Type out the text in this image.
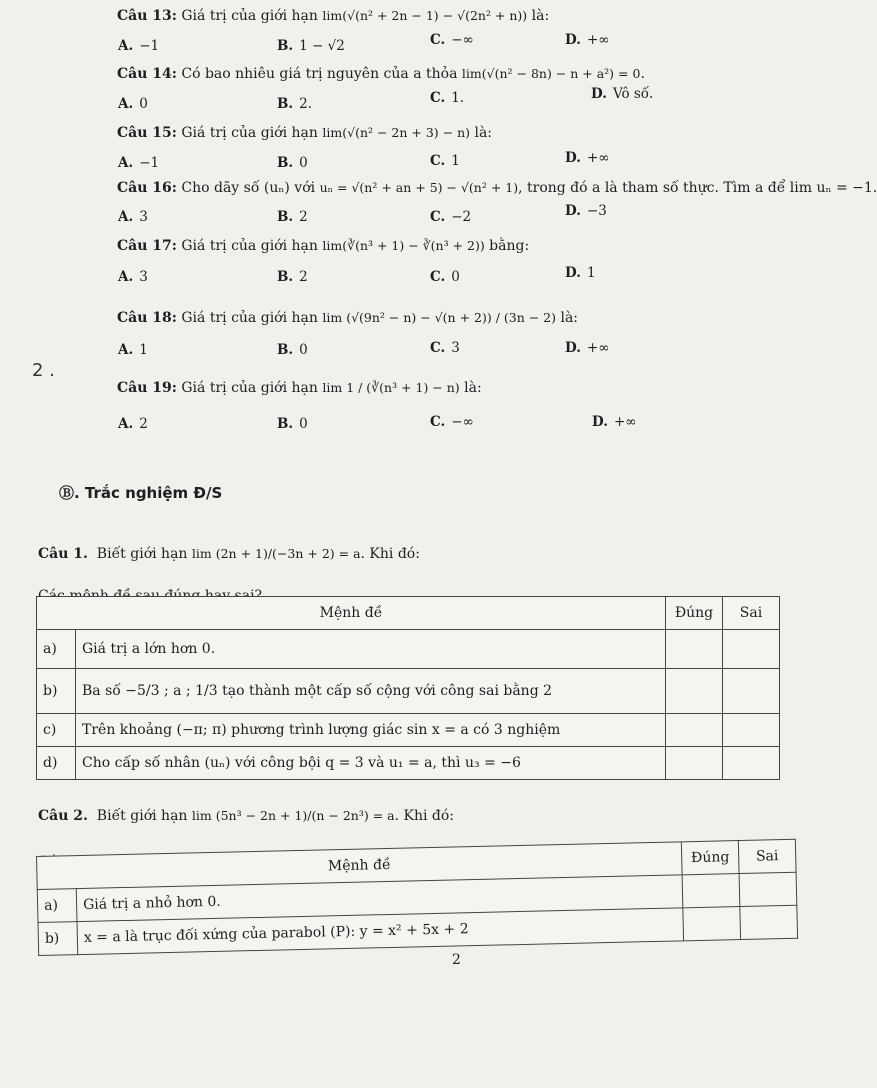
Câu 13: Giá trị của giới hạn lim(√(n² + 2n − 1) − √(2n² + n)) là:
A. −1	B. 1 − √2	C. −∞	D. +∞
Câu 14: Có bao nhiêu giá trị nguyên của a thỏa lim(√(n² − 8n) − n + a²) = 0.
A. 0	B. 2.	C. 1.	D. Vô số.
Câu 15: Giá trị của giới hạn lim(√(n² − 2n + 3) − n) là:
A. −1	B. 0	C. 1	D. +∞
Câu 16: Cho dãy số (uₙ) với uₙ = √(n² + an + 5) − √(n² + 1), trong đó a là tham số thực. Tìm a để lim uₙ = −1.
A. 3	B. 2	C. −2	D. −3
Câu 17: Giá trị của giới hạn lim(∛(n³ + 1) − ∛(n³ + 2)) bằng:
A. 3	B. 2	C. 0	D. 1
Câu 18: Giá trị của giới hạn lim (√(9n² − n) − √(n + 2)) / (3n − 2) là:
A. 1	B. 0	C. 3	D. +∞
2 .
Câu 19: Giá trị của giới hạn lim 1 / (∛(n³ + 1) − n) là:
A. 2	B. 0	C. −∞	D. +∞
Ⓑ. Trắc nghiệm Đ/S
Câu 1. Biết giới hạn lim (2n + 1)/(−3n + 2) = a. Khi đó:
Mệnh đề		Đúng	Sai
a)	Giá trị a lớn hơn 0.		
b)	Ba số −5/3 ; a ; 1/3 tạo thành một cấp số cộng với công sai bằng 2		
c)	Trên khoảng (−π; π) phương trình lượng giác sin x = a có 3 nghiệm		
d)	Cho cấp số nhân (uₙ) với công bội q = 3 và u₁ = a, thì u₃ = −6		
Câu 2. Biết giới hạn lim (5n³ − 2n + 1)/(n − 2n³) = a. Khi đó:
Mệnh đề		Đúng	Sai
a)	Giá trị a nhỏ hơn 0.		
b)	x = a là trục đối xứng của parabol (P): y = x² + 5x + 2		
2
